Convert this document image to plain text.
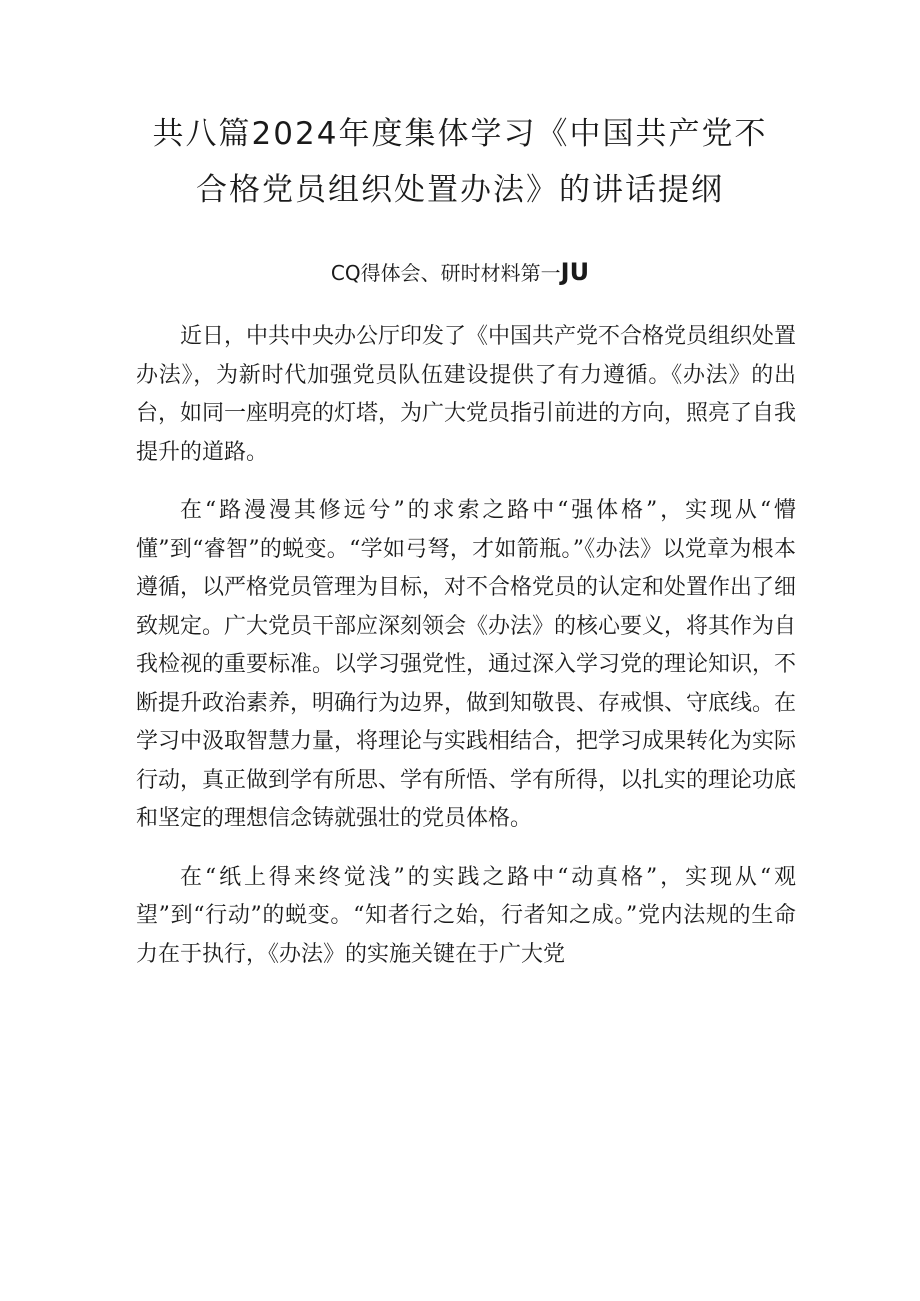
共八篇2024年度集体学习《中国共产党不
合格党员组织处置办法》的讲话提纲

CQ得体会、研时材料第一JU

近日，中共中央办公厅印发了《中国共产党不合格党员组织处置办法》，为新时代加强党员队伍建设提供了有力遵循。《办法》的出台，如同一座明亮的灯塔，为广大党员指引前进的方向，照亮了自我提升的道路。

在“路漫漫其修远兮”的求索之路中“强体格”，实现从“懵懂”到“睿智”的蜕变。“学如弓弩，才如箭瓶。”《办法》以党章为根本遵循，以严格党员管理为目标，对不合格党员的认定和处置作出了细致规定。广大党员干部应深刻领会《办法》的核心要义，将其作为自我检视的重要标准。以学习强党性，通过深入学习党的理论知识，不断提升政治素养，明确行为边界，做到知敬畏、存戒惧、守底线。在学习中汲取智慧力量，将理论与实践相结合，把学习成果转化为实际行动，真正做到学有所思、学有所悟、学有所得，以扎实的理论功底和坚定的理想信念铸就强壮的党员体格。

在“纸上得来终觉浅”的实践之路中“动真格”，实现从“观望”到“行动”的蜕变。“知者行之始，行者知之成。”党内法规的生命力在于执行，《办法》的实施关键在于广大党
